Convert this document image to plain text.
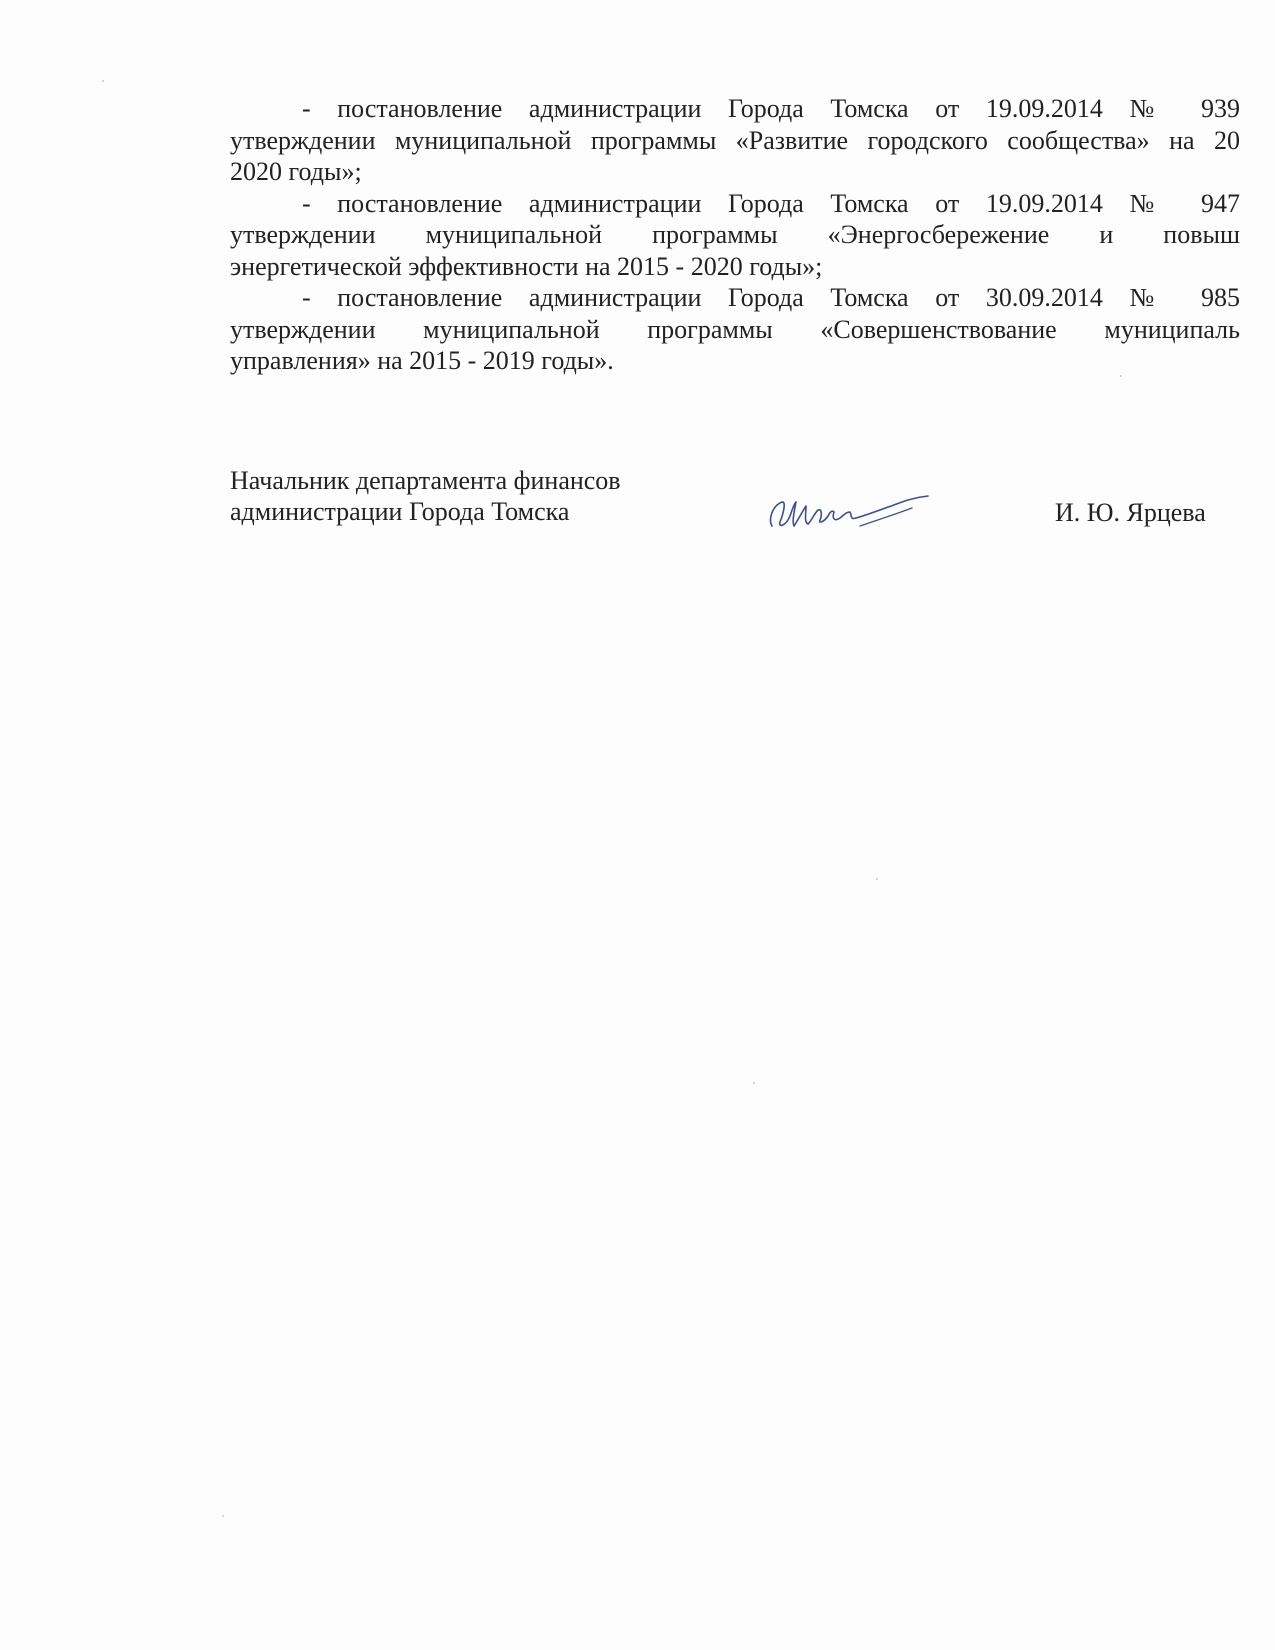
- постановление администрации Города Томска от 19.09.2014 № 939
утверждении муниципальной программы «Развитие городского сообщества» на 20
2020 годы»;

- постановление администрации Города Томска от 19.09.2014 № 947
утверждении муниципальной программы «Энергосбережение и повыш
энергетической эффективности на 2015 - 2020 годы»;

- постановление администрации Города Томска от 30.09.2014 № 985
утверждении муниципальной программы «Совершенствование муниципаль
управления» на 2015 - 2019 годы».

Начальник департамента финансов
администрации Города Томска	И. Ю. Ярцева
